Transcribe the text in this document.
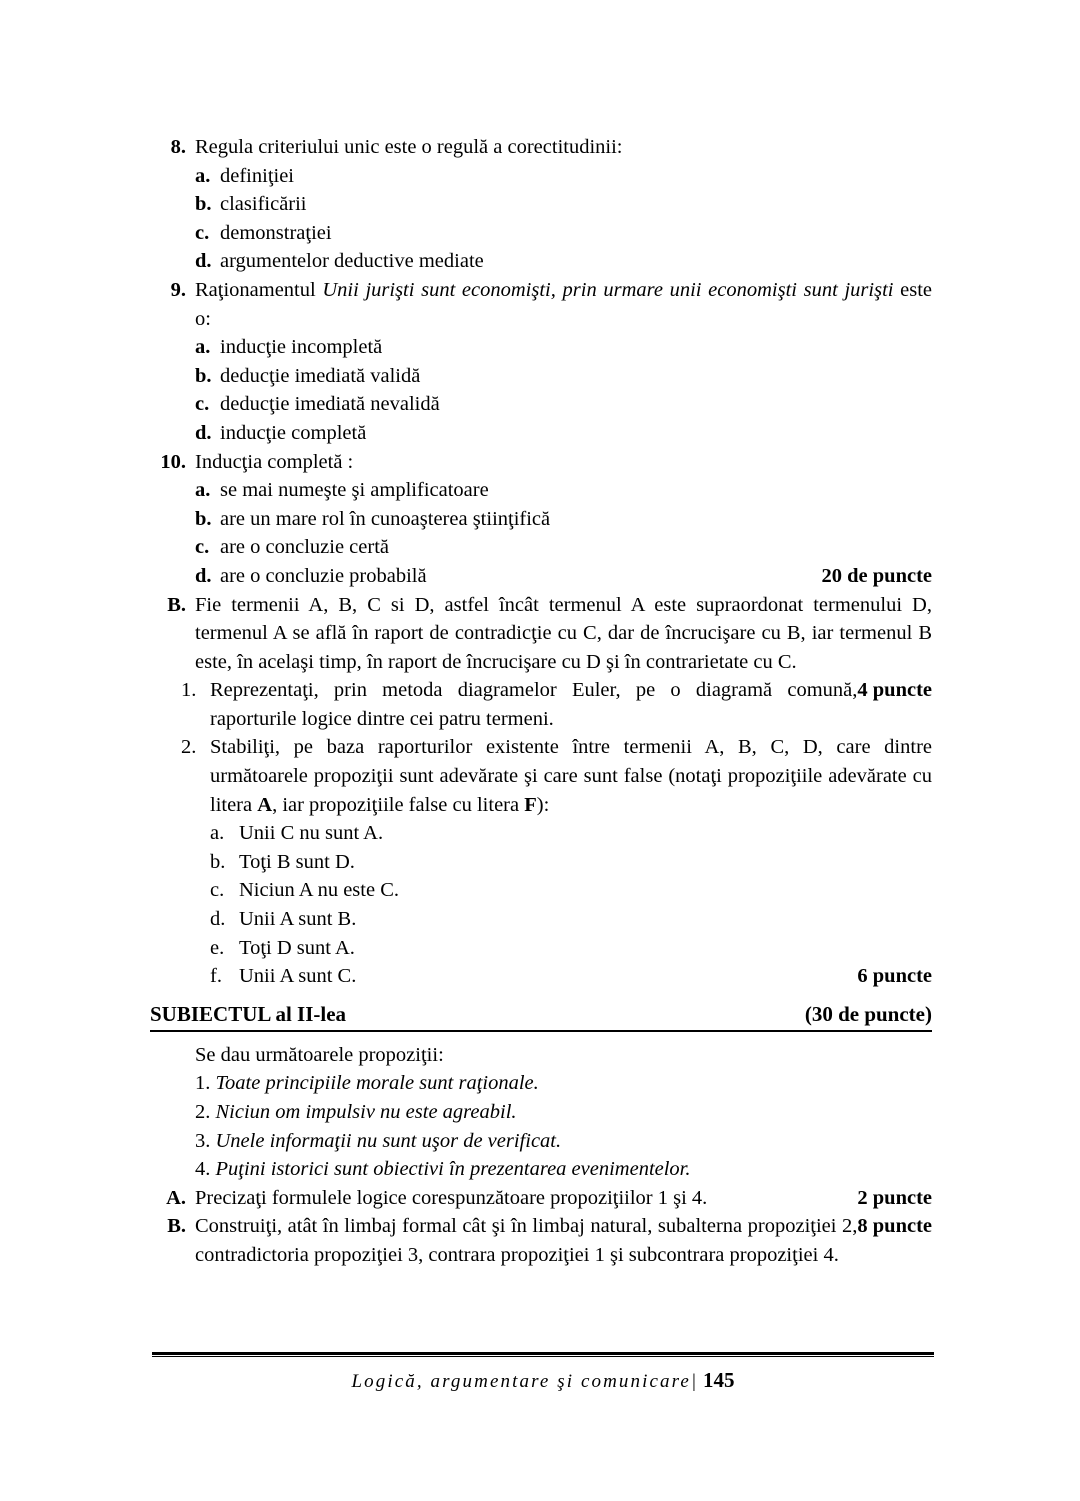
8. Regula criteriului unic este o regulă a corectitudinii:
a. definiţiei
b. clasificării
c. demonstraţiei
d. argumentelor deductive mediate
9. Raţionamentul Unii jurişti sunt economişti, prin urmare unii economişti sunt jurişti este o:
a. inducţie incompletă
b. deducţie imediată validă
c. deducţie imediată nevalidă
d. inducţie completă
10. Inducţia completă :
a. se mai numeşte şi amplificatoare
b. are un mare rol în cunoaşterea ştiinţifică
c. are o concluzie certă
d.	20 de puncte
are o concluzie probabilă
B. Fie termenii A, B, C si D, astfel încât termenul A este supraordonat termenului D, termenul A se află în raport de contradicţie cu C, dar de încrucişare cu B, iar termenul B este, în acelaşi timp, în raport de încrucişare cu D şi în contrarietate cu C.
1.	4 puncte
Reprezentaţi, prin metoda diagramelor Euler, pe o diagramă comună, raporturile logice dintre cei patru termeni.
2. Stabiliţi, pe baza raporturilor existente între termenii A, B, C, D, care dintre următoarele propoziţii sunt adevărate şi care sunt false (notaţi propoziţiile adevărate cu litera A, iar propoziţiile false cu litera F):
a. Unii C nu sunt A.
b. Toţi B sunt D.
c. Niciun A nu este C.
d. Unii A sunt B.
e. Toţi D sunt A.
f.	6 puncte
Unii A sunt C.
SUBIECTUL al II-lea	(30 de puncte)
Se dau următoarele propoziţii:
1. Toate principiile morale sunt raţionale.
2. Niciun om impulsiv nu este agreabil.
3. Unele informaţii nu sunt uşor de verificat.
4. Puţini istorici sunt obiectivi în prezentarea evenimentelor.
A.	2 puncte
Precizaţi formulele logice corespunzătoare propoziţiilor 1 şi 4.
B.	8 puncte
Construiţi, atât în limbaj formal cât şi în limbaj natural, subalterna propoziţiei 2, contradictoria propoziţiei 3, contrara propoziţiei 1 şi subcontrara propoziţiei 4.
Logică, argumentare şi comunicare| 145
